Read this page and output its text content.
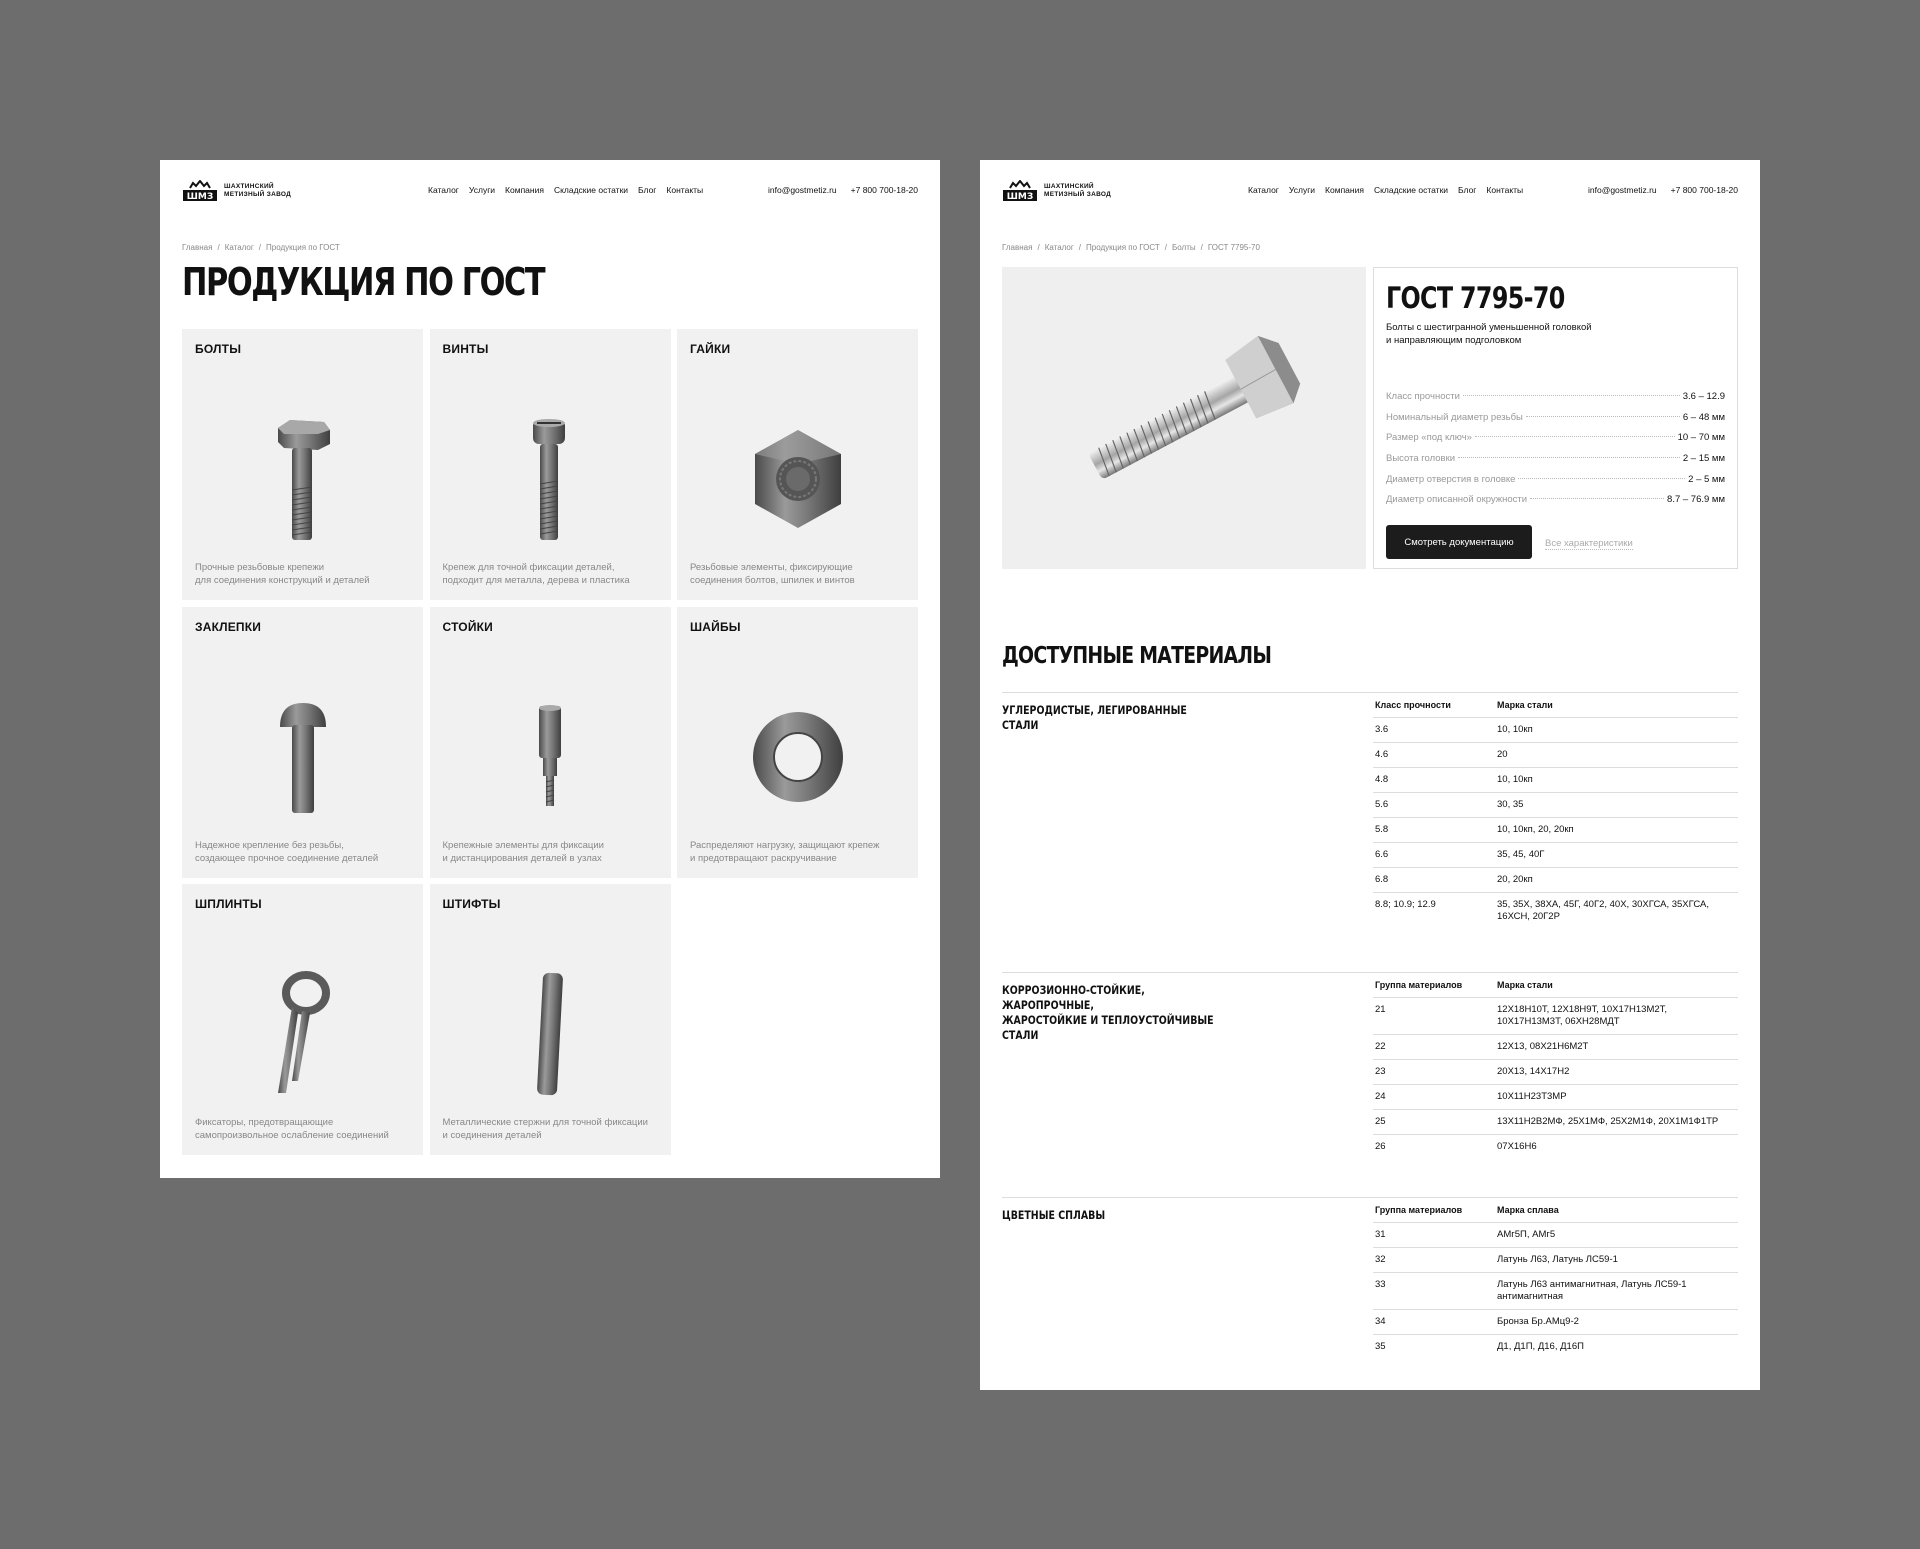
ШМЗ
ШАХТИНСКИЙ
МЕТИЗНЫЙ ЗАВОД	Каталог Услуги Компания Складские остатки Блог Контакты	info@gostmetiz.ru +7 800 700-18-20
Главная / Каталог / Продукция по ГОСТ
ПРОДУКЦИЯ ПО ГОСТ
БОЛТЫ
Прочные резьбовые крепежи
для соединения конструкций и деталей
ВИНТЫ
Крепеж для точной фиксации деталей,
подходит для металла, дерева и пластика
ГАЙКИ
Резьбовые элементы, фиксирующие
соединения болтов, шпилек и винтов
ЗАКЛЕПКИ
Надежное крепление без резьбы,
создающее прочное соединение деталей
СТОЙКИ
Крепежные элементы для фиксации
и дистанцирования деталей в узлах
ШАЙБЫ
Распределяют нагрузку, защищают крепеж
и предотвращают раскручивание
ШПЛИНТЫ
Фиксаторы, предотвращающие
самопроизвольное ослабление соединений
ШТИФТЫ
Металлические стержни для точной фиксации
и соединения деталей
ШМЗ
ШАХТИНСКИЙ
МЕТИЗНЫЙ ЗАВОД	Каталог Услуги Компания Складские остатки Блог Контакты	info@gostmetiz.ru +7 800 700-18-20
Главная / Каталог / Продукция по ГОСТ / Болты / ГОСТ 7795-70
ГОСТ 7795-70
Болты с шестигранной уменьшенной головкой
и направляющим подголовком
Класс прочности	3.6 – 12.9
Номинальный диаметр резьбы	6 – 48 мм
Размер «под ключ»	10 – 70 мм
Высота головки	2 – 15 мм
Диаметр отверстия в головке	2 – 5 мм
Диаметр описанной окружности	8.7 – 76.9 мм
Смотреть документацию	Все характеристики
ДОСТУПНЫЕ МАТЕРИАЛЫ
УГЛЕРОДИСТЫЕ, ЛЕГИРОВАННЫЕ СТАЛИ
Класс прочности	Марка стали
3.6	10, 10кп
4.6	20
4.8	10, 10кп
5.6	30, 35
5.8	10, 10кп, 20, 20кп
6.6	35, 45, 40Г
6.8	20, 20кп
8.8; 10.9; 12.9	35, 35Х, 38ХА, 45Г, 40Г2, 40Х, 30ХГСА, 35ХГСА, 16ХСН, 20Г2Р
КОРРОЗИОННО-СТОЙКИЕ, ЖАРОПРОЧНЫЕ,
ЖАРОСТОЙКИЕ И ТЕПЛОУСТОЙЧИВЫЕ СТАЛИ
Группа материалов	Марка стали
21	12Х18Н10Т, 12Х18Н9Т, 10Х17Н13М2Т, 10Х17Н13М3Т, 06ХН28МДТ
22	12Х13, 08Х21Н6М2Т
23	20Х13, 14Х17Н2
24	10Х11Н23Т3МР
25	13Х11Н2В2МФ, 25Х1МФ, 25Х2М1Ф, 20Х1М1Ф1ТР
26	07Х16Н6
ЦВЕТНЫЕ СПЛАВЫ	Группа материалов	Марка сплава
31	АМг5П, АМг5
32	Латунь Л63, Латунь ЛС59-1
33	Латунь Л63 антимагнитная, Латунь ЛС59-1 антимагнитная
34	Бронза Бр.АМц9-2
35	Д1, Д1П, Д16, Д16П
